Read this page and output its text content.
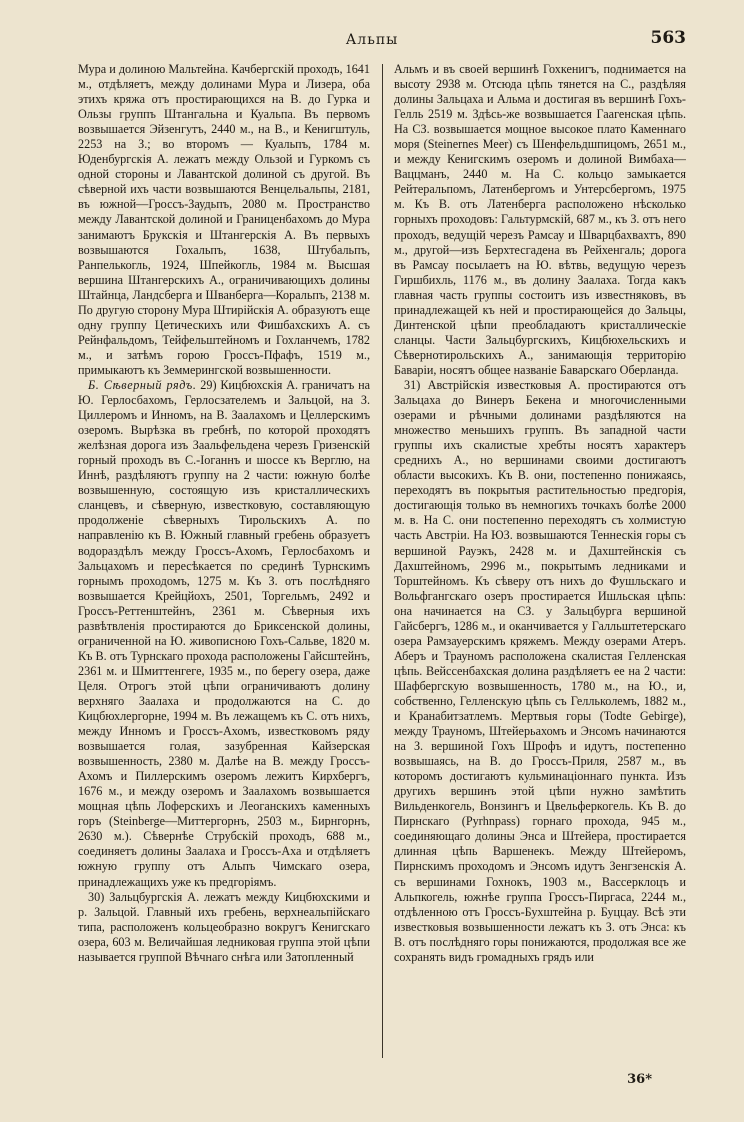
Альпы	563

Мура и долиною Мальтейна. Качбергскій проходъ, 1641 м., отдѣляетъ, между долинами Мура и Лизера, оба этихъ кряжа отъ простирающихся на В. до Гурка и Ользы группъ Штангальна и Куальпа. Въ первомъ возвышается Эйзенгутъ, 2440 м., на В., и Кенигштуль, 2253 на З.; во второмъ — Куальпъ, 1784 м. Юденбургскія А. лежатъ между Ользой и Гуркомъ съ одной стороны и Лавантской долиной съ другой. Въ сѣверной ихъ части возвышаются Венцельальпы, 2181, въ южной—Гроссъ-Заудьпъ, 2080 м. Пространство между Лавантской долиной и Границенбахомъ до Мура занимаютъ Брукскія и Штангерскія А. Въ первыхъ возвышаются Гохальпъ, 1638, Штубальпъ, Ранпелькогль, 1924, Шпейкогль, 1984 м. Высшая вершина Штангерскихъ А., ограничивающихъ долины Штайнца, Ландсберга и Шванберга—Коральпъ, 2138 м. По другую сторону Мура Штирійскія А. образуютъ еще одну группу Цетическихъ или Фишбахскихъ А. съ Рейнфальдомъ, Тейфельштейномъ и Гохланчемъ, 1782 м., и затѣмъ горою Гроссъ-Пфафъ, 1519 м., примыкаютъ къ Земмерингской возвышенности.

Б. Сѣверный рядъ. 29) Кицбюхскія А. граничатъ на Ю. Герлосбахомъ, Герлосзателемъ и Зальцой, на З. Циллеромъ и Инномъ, на В. Заалахомъ и Целлерскимъ озеромъ. Вырѣзка въ гребнѣ, по которой проходятъ желѣзная дорога изъ Заальфельдена черезъ Гризенскій горный проходъ въ С.-Іоганнъ и шоссе къ Верглю, на Иннѣ, раздѣляютъ группу на 2 части: южную болѣе возвышенную, состоящую изъ кристаллическихъ сланцевъ, и сѣверную, известковую, составляющую продолженіе сѣверныхъ Тирольскихъ А. по направленію къ В. Южный главный гребень образуетъ водораздѣлъ между Гроссъ-Ахомъ, Герлосбахомъ и Зальцахомъ и пересѣкается по срединѣ Турнскимъ горнымъ проходомъ, 1275 м. Къ З. отъ послѣдняго возвышается Крейцйохъ, 2501, Торгельмъ, 2492 и Гроссъ-Реттенштейнъ, 2361 м. Сѣверныя ихъ развѣтвленія простираются до Бриксенской долины, ограниченной на Ю. живописною Гохъ-Сальве, 1820 м. Къ В. отъ Турнскаго прохода расположены Гайсштейнъ, 2361 м. и Шмиттенгеге, 1935 м., по берегу озера, даже Целя. Отрогъ этой цѣпи ограничиваютъ долину верхняго Заалаха и продолжаются на С. до Кицбюхлергорне, 1994 м. Въ лежащемъ къ С. отъ нихъ, между Инномъ и Гроссъ-Ахомъ, известковомъ ряду возвышается голая, зазубренная Кайзерская возвышенность, 2380 м. Далѣе на В. между Гроссъ-Ахомъ и Пиллерскимъ озеромъ лежитъ Кирхбергъ, 1676 м., и между озеромъ и Заалахомъ возвышается мощная цѣпь Лоферскихъ и Леоганскихъ каменныхъ горъ (Steinberge—Миттергорнъ, 2503 м., Бирнгорнъ, 2630 м.). Сѣвернѣе Струбскій проходъ, 688 м., соединяетъ долины Заалаха и Гроссъ-Аха и отдѣляетъ южную группу отъ Альпъ Чимскаго озера, принадлежащихъ уже къ предгоріямъ.

30) Зальцбургскія А. лежатъ между Кицбюхскими и р. Зальцой. Главный ихъ гребень, верхнеальпійскаго типа, расположенъ кольцеобразно вокругъ Кенигскаго озера, 603 м. Величайшая ледниковая группа этой цѣпи называется группой Вѣчнаго снѣга или Затопленный

Альмъ и въ своей вершинѣ Гохкенигъ, поднимается на высоту 2938 м. Отсюда цѣпь тянется на С., раздѣляя долины Зальцаха и Альма и достигая въ вершинѣ Гохъ-Гелль 2519 м. Здѣсь-же возвышается Гаагенская цѣпь. На СЗ. возвышается мощное высокое плато Каменнаго моря (Steinernes Meer) съ Шенфельдшпицомъ, 2651 м., и между Кенигскимъ озеромъ и долиной Вимбаха—Ваццманъ, 2440 м. На С. кольцо замыкается Рейтеральпомъ, Латенбергомъ и Унтерсбергомъ, 1975 м. Къ В. отъ Латенберга расположено нѣсколько горныхъ проходовъ: Гальтурмскій, 687 м., къ З. отъ него проходъ, ведущій черезъ Рамсау и Шварцбахвахтъ, 890 м., другой—изъ Берхтесгадена въ Рейхенгаль; дорога въ Рамсау посылаетъ на Ю. вѣтвь, ведущую черезъ Гиршбихль, 1176 м., въ долину Заалаха. Тогда какъ главная часть группы состоитъ изъ известняковъ, въ принадлежащей къ ней и простирающейся до Зальцы, Динтенской цѣпи преобладаютъ кристаллическіе сланцы. Части Зальцбургскихъ, Кицбюхельскихъ и Сѣвернотирольскихъ А., занимающія территорію Баваріи, носятъ общее названіе Баварскаго Оберланда.

31) Австрійскія известковыя А. простираются отъ Зальцаха до Винеръ Бекена и многочисленными озерами и рѣчными долинами раздѣляются на множество меньшихъ группъ. Въ западной части группы ихъ скалистые хребты носятъ характеръ среднихъ А., но вершинами своими достигаютъ области высокихъ. Къ В. они, постепенно понижаясь, переходятъ въ покрытыя растительностью предгорія, достигающія только въ немногихъ точкахъ болѣе 2000 м. в. На С. они постепенно переходятъ съ холмистую часть Австріи. На ЮЗ. возвышаются Теннескія горы съ вершиной Рауэкъ, 2428 м. и Дахштейнскія съ Дахштейномъ, 2996 м., покрытымъ ледниками и Торштейномъ. Къ сѣверу отъ нихъ до Фушльскаго и Вольфгангскаго озеръ простирается Ишльская цѣпь: она начинается на СЗ. у Зальцбурга вершиной Гайсбергъ, 1286 м., и оканчивается у Галльштетерскаго озера Рамзауерскимъ кряжемъ. Между озерами Атеръ. Аберъ и Трауномъ расположена скалистая Гелленская цѣпь. Вейссенбахская долина раздѣляетъ ее на 2 части: Шафбергскую возвышенность, 1780 м., на Ю., и, собственно, Гелленскую цѣпь съ Гелльколемъ, 1882 м., и Кранабитзатлемъ. Мертвыя горы (Todte Gebirge), между Трауномъ, Штейерьахомъ и Энсомъ начинаются на З. вершиной Гохъ Шрофъ и идутъ, постепенно возвышаясь, на В. до Гроссъ-Приля, 2587 м., въ которомъ достигаютъ кульминаціоннаго пункта. Изъ другихъ вершинъ этой цѣпи нужно замѣтить Вильденкогель, Вонзингъ и Цвельферкогель. Къ В. до Пирнскаго (Pyrhnpass) горнаго прохода, 945 м., соединяющаго долины Энса и Штейера, простирается длинная цѣпь Варшенекъ. Между Штейеромъ, Пирнскимъ проходомъ и Энсомъ идутъ Зенгзенскія А. съ вершинами Гохнокъ, 1903 м., Вассерклоцъ и Альпкогель, южнѣе группа Гроссъ-Пиргаса, 2244 м., отдѣленною отъ Гроссъ-Бухштейна р. Буццау. Всѣ эти известковыя возвышенности лежатъ къ З. отъ Энса: къ В. отъ послѣдняго горы понижаются, продолжая все же сохранять видъ громадныхъ грядъ или

36*
